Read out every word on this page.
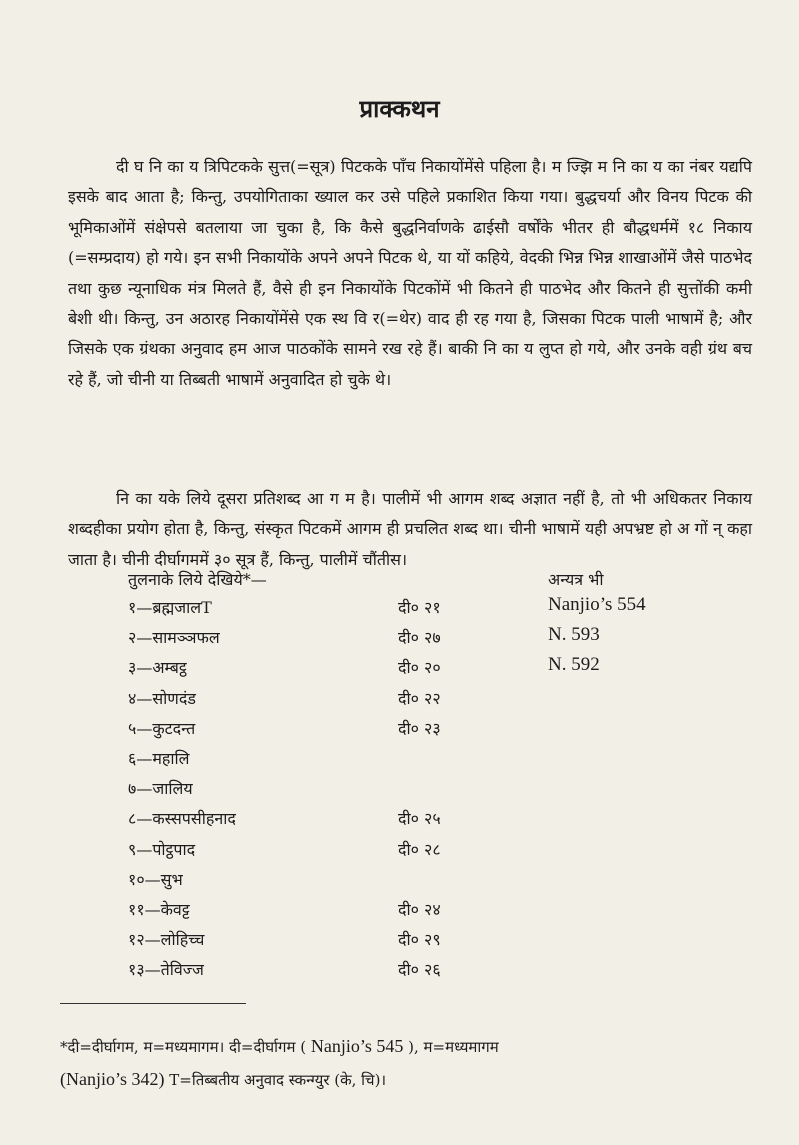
प्राक्कथन

दी घ नि का य त्रिपिटकके सुत्त(=सूत्र) पिटकके पाँच निकायोंमेंसे पहिला है। म ज्झि म नि का य का नंबर यद्यपि इसके बाद आता है; किन्तु, उपयोगिताका ख्याल कर उसे पहिले प्रकाशित किया गया। बुद्धचर्या और विनय पिटक की भूमिकाओंमें संक्षेपसे बतलाया जा चुका है, कि कैसे बुद्धनिर्वाणके ढाईसौ वर्षोंके भीतर ही बौद्धधर्ममें १८ निकाय (=सम्प्रदाय) हो गये। इन सभी निकायोंके अपने अपने पिटक थे, या यों कहिये, वेदकी भिन्न भिन्न शाखाओंमें जैसे पाठभेद तथा कुछ न्यूनाधिक मंत्र मिलते हैं, वैसे ही इन निकायोंके पिटकोंमें भी कितने ही पाठभेद और कितने ही सुत्तोंकी कमी बेशी थी। किन्तु, उन अठारह निकायोंमेंसे एक स्थ वि र(=थेर) वाद ही रह गया है, जिसका पिटक पाली भाषामें है; और जिसके एक ग्रंथका अनुवाद हम आज पाठकोंके सामने रख रहे हैं। बाकी नि का य लुप्त हो गये, और उनके वही ग्रंथ बच रहे हैं, जो चीनी या तिब्बती भाषामें अनुवादित हो चुके थे।

नि का यके लिये दूसरा प्रतिशब्द आ ग म है। पालीमें भी आगम शब्द अज्ञात नहीं है, तो भी अधिकतर निकाय शब्दहीका प्रयोग होता है, किन्तु, संस्कृत पिटकमें आगम ही प्रचलित शब्द था। चीनी भाषामें यही अपभ्रष्ट हो अ गों न् कहा जाता है। चीनी दीर्घागममें ३० सूत्र हैं, किन्तु, पालीमें चौंतीस।

तुलनाके लिये देखिये*—	अन्यत्र भी
१—ब्रह्मजालT	दी० २१	Nanjio’s 554
२—सामञ्ञफल	दी० २७	N. 593
३—अम्बट्ठ	दी० २०	N. 592
४—सोणदंड	दी० २२
५—कुटदन्त	दी० २३
६—महालि
७—जालिय
८—कस्सपसीहनाद	दी० २५
९—पोट्ठपाद	दी० २८
१०—सुभ
११—केवट्ट	दी० २४
१२—लोहिच्च	दी० २९
१३—तेविज्ज	दी० २६

*दी=दीर्घागम, म=मध्यमागम। दी=दीर्घागम ( Nanjio’s 545 ), म=मध्यमागम
(Nanjio’s 342) T=तिब्बतीय अनुवाद स्कन्ग्युर (के, चि)।
